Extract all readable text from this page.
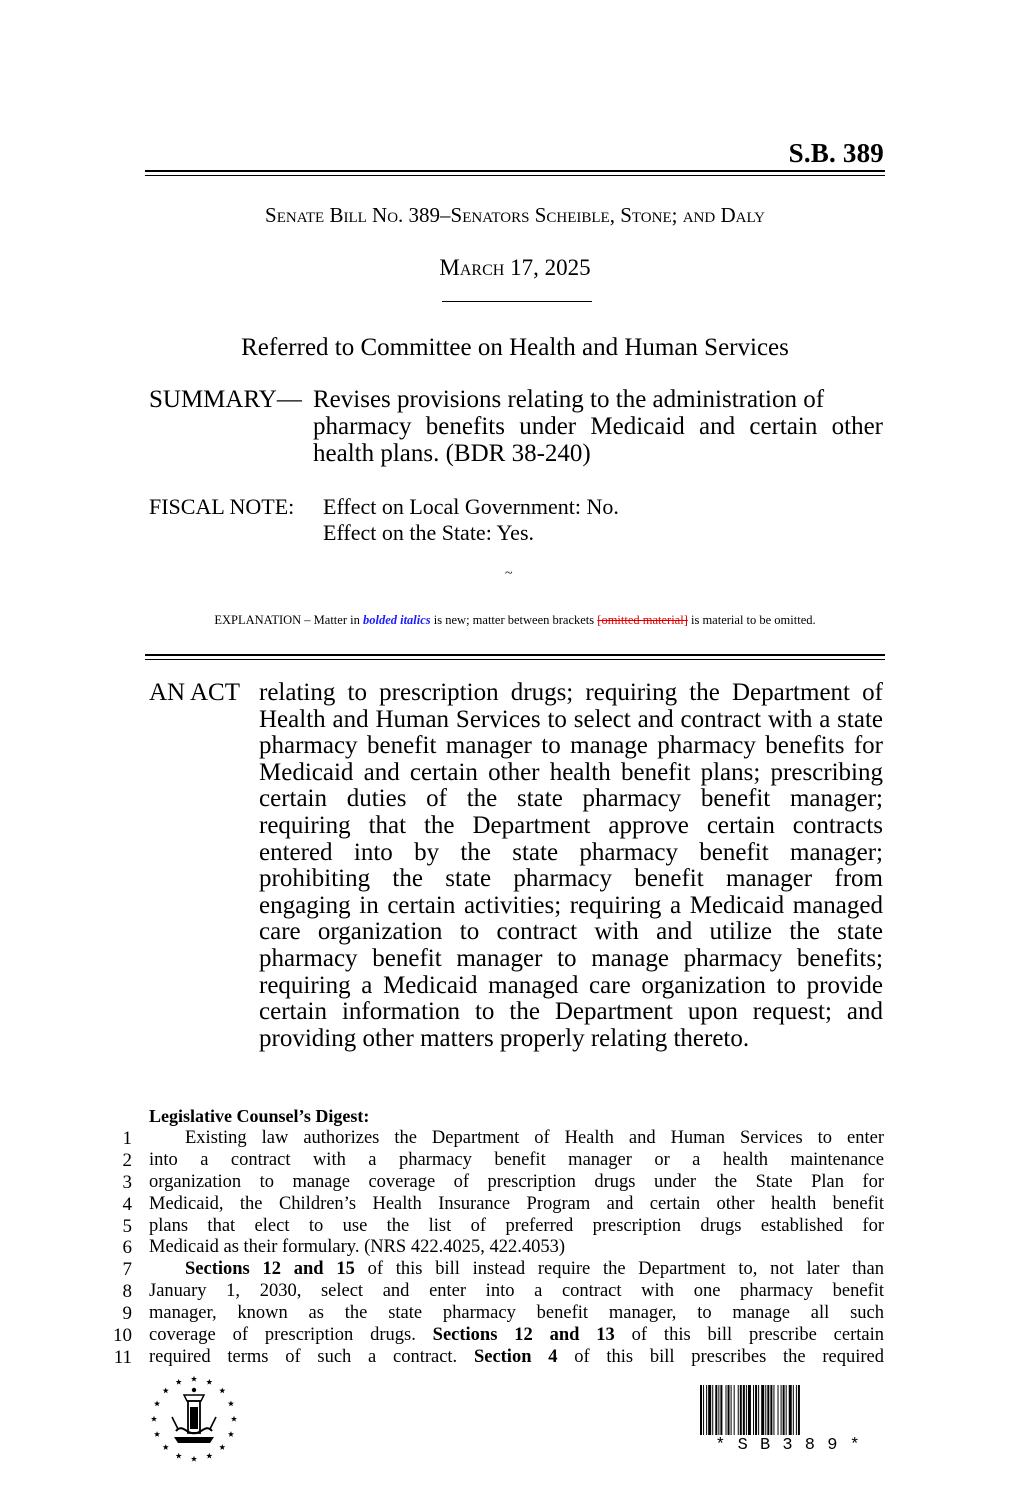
S.B. 389
Senate Bill No. 389–Senators Scheible, Stone; and Daly
March 17, 2025
Referred to Committee on Health and Human Services
SUMMARY— Revises provisions relating to the administration of
pharmacy benefits under Medicaid and certain other health plans. (BDR 38-240)
FISCAL NOTE: Effect on Local Government: No.
Effect on the State: Yes.
~
EXPLANATION – Matter in bolded italics is new; matter between brackets [omitted material] is material to be omitted.
AN ACT relating to prescription drugs; requiring the Department of Health and Human Services to select and contract with a state pharmacy benefit manager to manage pharmacy benefits for Medicaid and certain other health benefit plans; prescribing certain duties of the state pharmacy benefit manager; requiring that the Department approve certain contracts entered into by the state pharmacy benefit manager; prohibiting the state pharmacy benefit manager from engaging in certain activities; requiring a Medicaid managed care organization to contract with and utilize the state pharmacy benefit manager to manage pharmacy benefits; requiring a Medicaid managed care organization to provide certain information to the Department upon request; and providing other matters properly relating thereto.
Legislative Counsel’s Digest:
1	Existing law authorizes the Department of Health and Human Services to enter
2 into a contract with a pharmacy benefit manager or a health maintenance
3 organization to manage coverage of prescription drugs under the State Plan for
4 Medicaid, the Children’s Health Insurance Program and certain other health benefit
5 plans that elect to use the list of preferred prescription drugs established for
6 Medicaid as their formulary. (NRS 422.4025, 422.4053)
7	Sections 12 and 15 of this bill instead require the Department to, not later than
8 January 1, 2030, select and enter into a contract with one pharmacy benefit
9 manager, known as the state pharmacy benefit manager, to manage all such
10 coverage of prescription drugs. Sections 12 and 13 of this bill prescribe certain
11 required terms of such a contract. Section 4 of this bill prescribes the required
* S B 3 8 9 *
